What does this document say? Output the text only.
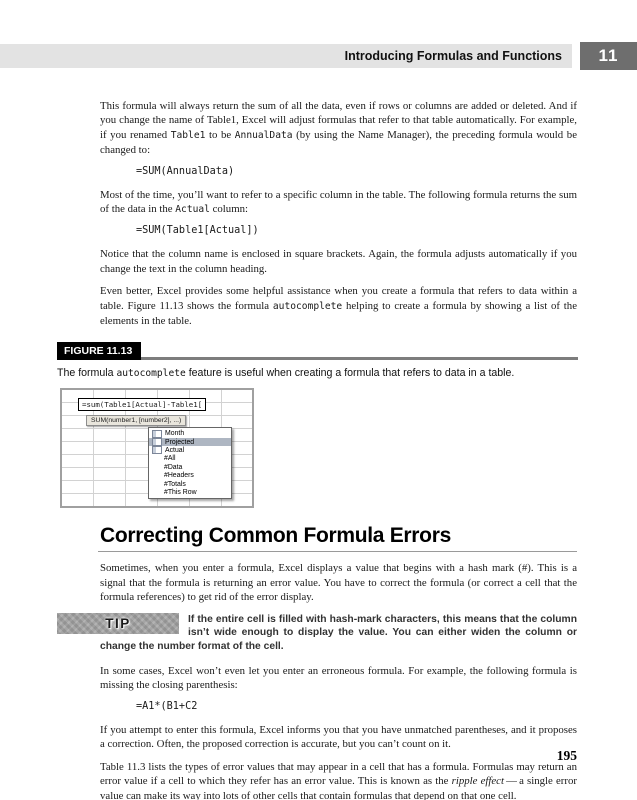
Introducing Formulas and Functions	11

This formula will always return the sum of all the data, even if rows or columns are added or deleted. And if you change the name of Table1, Excel will adjust formulas that refer to that table automatically. For example, if you renamed Table1 to be AnnualData (by using the Name Manager), the preceding formula would be changed to:

=SUM(AnnualData)

Most of the time, you’ll want to refer to a specific column in the table. The following formula returns the sum of the data in the Actual column:

=SUM(Table1[Actual])

Notice that the column name is enclosed in square brackets. Again, the formula adjusts automatically if you change the text in the column heading.

Even better, Excel provides some helpful assistance when you create a formula that refers to data within a table. Figure 11.13 shows the formula autocomplete helping to create a formula by showing a list of the elements in the table.

FIGURE 11.13

The formula autocomplete feature is useful when creating a formula that refers to data in a table.

=sum(Table1[Actual]-Table1[
SUM(number1, [number2], ...)
Month
Projected
Actual
#All
#Data
#Headers
#Totals
#This Row
Correcting Common Formula Errors

Sometimes, when you enter a formula, Excel displays a value that begins with a hash mark (#). This is a signal that the formula is returning an error value. You have to correct the formula (or correct a cell that the formula references) to get rid of the error display.

TIP	If the entire cell is filled with hash-mark characters, this means that the column isn’t wide enough to display the value. You can either widen the column or change the number format of the cell.

In some cases, Excel won’t even let you enter an erroneous formula. For example, the following formula is missing the closing parenthesis:

=A1*(B1+C2

If you attempt to enter this formula, Excel informs you that you have unmatched parentheses, and it proposes a correction. Often, the proposed correction is accurate, but you can’t count on it.

Table 11.3 lists the types of error values that may appear in a cell that has a formula. Formulas may return an error value if a cell to which they refer has an error value. This is known as the ripple effect — a single error value can make its way into lots of other cells that contain formulas that depend on that one cell.

195
